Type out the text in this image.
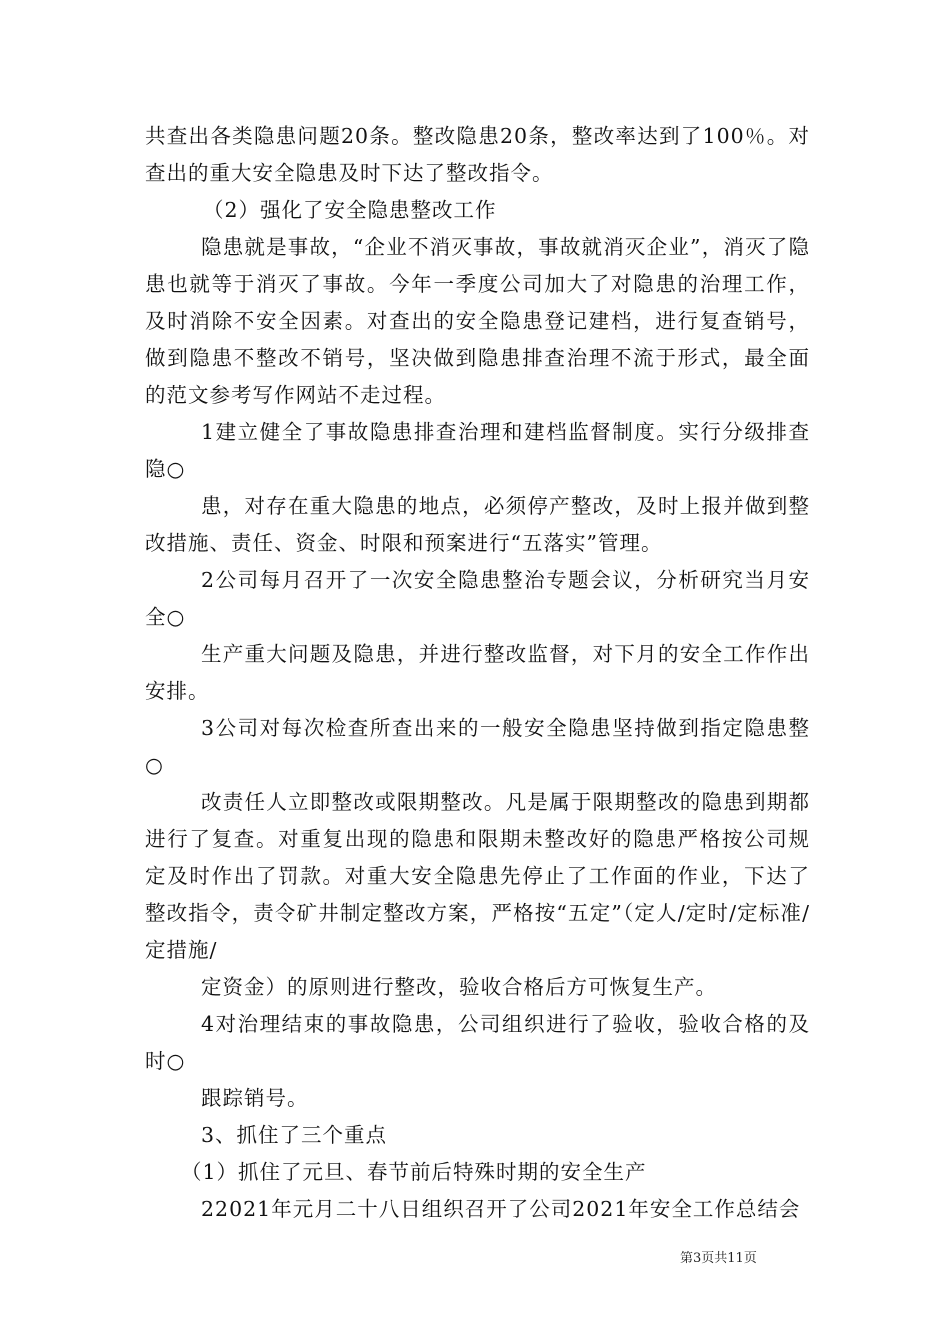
共查出各类隐患问题20条。整改隐患20条，整改率达到了100％。对查出的重大安全隐患及时下达了整改指令。

（2）强化了安全隐患整改工作

隐患就是事故，“企业不消灭事故，事故就消灭企业”，消灭了隐患也就等于消灭了事故。今年一季度公司加大了对隐患的治理工作，及时消除不安全因素。对查出的安全隐患登记建档，进行复查销号，做到隐患不整改不销号，坚决做到隐患排查治理不流于形式，最全面的范文参考写作网站不走过程。

1建立健全了事故隐患排查治理和建档监督制度。实行分级排查隐○

患，对存在重大隐患的地点，必须停产整改，及时上报并做到整改措施、责任、资金、时限和预案进行“五落实”管理。

2公司每月召开了一次安全隐患整治专题会议，分析研究当月安全○

生产重大问题及隐患，并进行整改监督，对下月的安全工作作出安排。

3公司对每次检查所查出来的一般安全隐患坚持做到指定隐患整○

改责任人立即整改或限期整改。凡是属于限期整改的隐患到期都进行了复查。对重复出现的隐患和限期未整改好的隐患严格按公司规定及时作出了罚款。对重大安全隐患先停止了工作面的作业，下达了整改指令，责令矿井制定整改方案，严格按“五定”（定人/定时/定标准/定措施/

定资金）的原则进行整改，验收合格后方可恢复生产。

4对治理结束的事故隐患，公司组织进行了验收，验收合格的及时○

跟踪销号。

3、抓住了三个重点

（1）抓住了元旦、春节前后特殊时期的安全生产

22021年元月二十八日组织召开了公司2021年安全工作总结会

第3页共11页
